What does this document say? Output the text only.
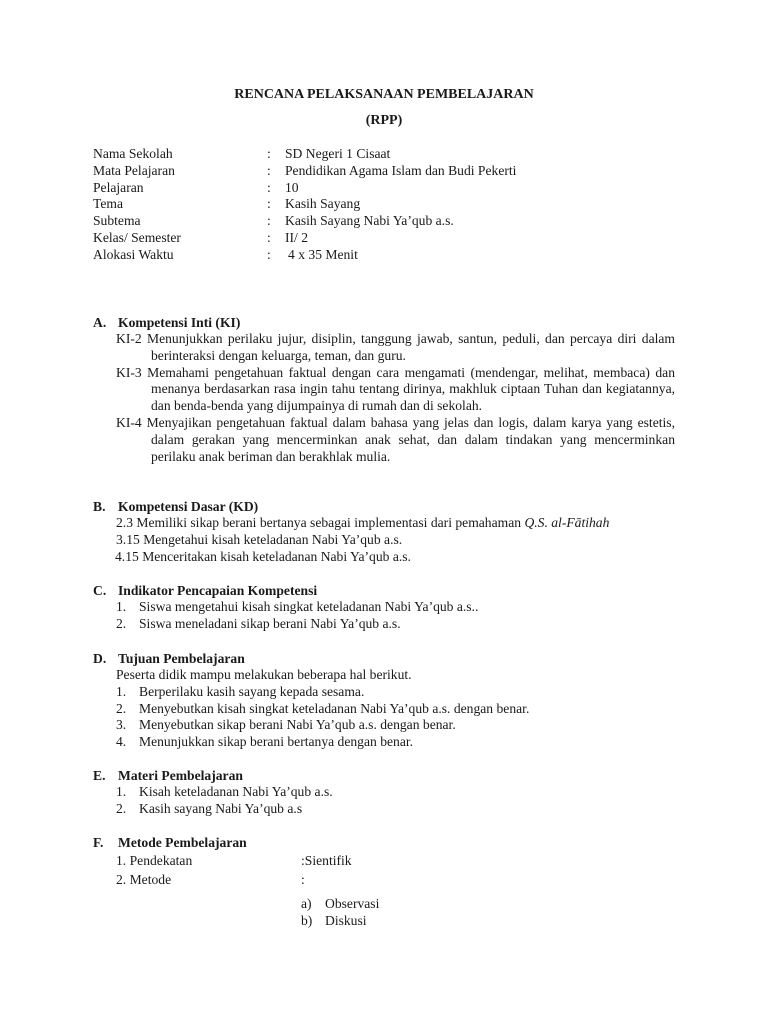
RENCANA PELAKSANAAN PEMBELAJARAN
(RPP)
Nama Sekolah	: SD Negeri 1 Cisaat
Mata Pelajaran	: Pendidikan Agama Islam dan Budi Pekerti
Pelajaran	: 10
Tema	: Kasih Sayang
Subtema	: Kasih Sayang Nabi Ya’qub a.s.
Kelas/ Semester	: II/ 2
Alokasi Waktu	: 4 x 35 Menit
A. Kompetensi Inti (KI)
KI-2 Menunjukkan perilaku jujur, disiplin, tanggung jawab, santun, peduli, dan percaya diri dalam berinteraksi dengan keluarga, teman, dan guru.
KI-3 Memahami pengetahuan faktual dengan cara mengamati (mendengar, melihat, membaca) dan menanya berdasarkan rasa ingin tahu tentang dirinya, makhluk ciptaan Tuhan dan kegiatannya, dan benda-benda yang dijumpainya di rumah dan di sekolah.
KI-4 Menyajikan pengetahuan faktual dalam bahasa yang jelas dan logis, dalam karya yang estetis, dalam gerakan yang mencerminkan anak sehat, dan dalam tindakan yang mencerminkan perilaku anak beriman dan berakhlak mulia.
B. Kompetensi Dasar (KD)
2.3 Memiliki sikap berani bertanya sebagai implementasi dari pemahaman Q.S. al-Fātihah
3.15 Mengetahui kisah keteladanan Nabi Ya’qub a.s.
4.15 Menceritakan kisah keteladanan Nabi Ya’qub a.s.
C. Indikator Pencapaian Kompetensi
1. Siswa mengetahui kisah singkat keteladanan Nabi Ya’qub a.s..
2. Siswa meneladani sikap berani Nabi Ya’qub a.s.
D. Tujuan Pembelajaran
Peserta didik mampu melakukan beberapa hal berikut.
1. Berperilaku kasih sayang kepada sesama.
2. Menyebutkan kisah singkat keteladanan Nabi Ya’qub a.s. dengan benar.
3. Menyebutkan sikap berani Nabi Ya’qub a.s. dengan benar.
4. Menunjukkan sikap berani bertanya dengan benar.
E. Materi Pembelajaran
1. Kisah keteladanan Nabi Ya’qub a.s.
2. Kasih sayang Nabi Ya’qub a.s
F. Metode Pembelajaran
1. Pendekatan	:Sientifik
2. Metode	:
a) Observasi
b) Diskusi
